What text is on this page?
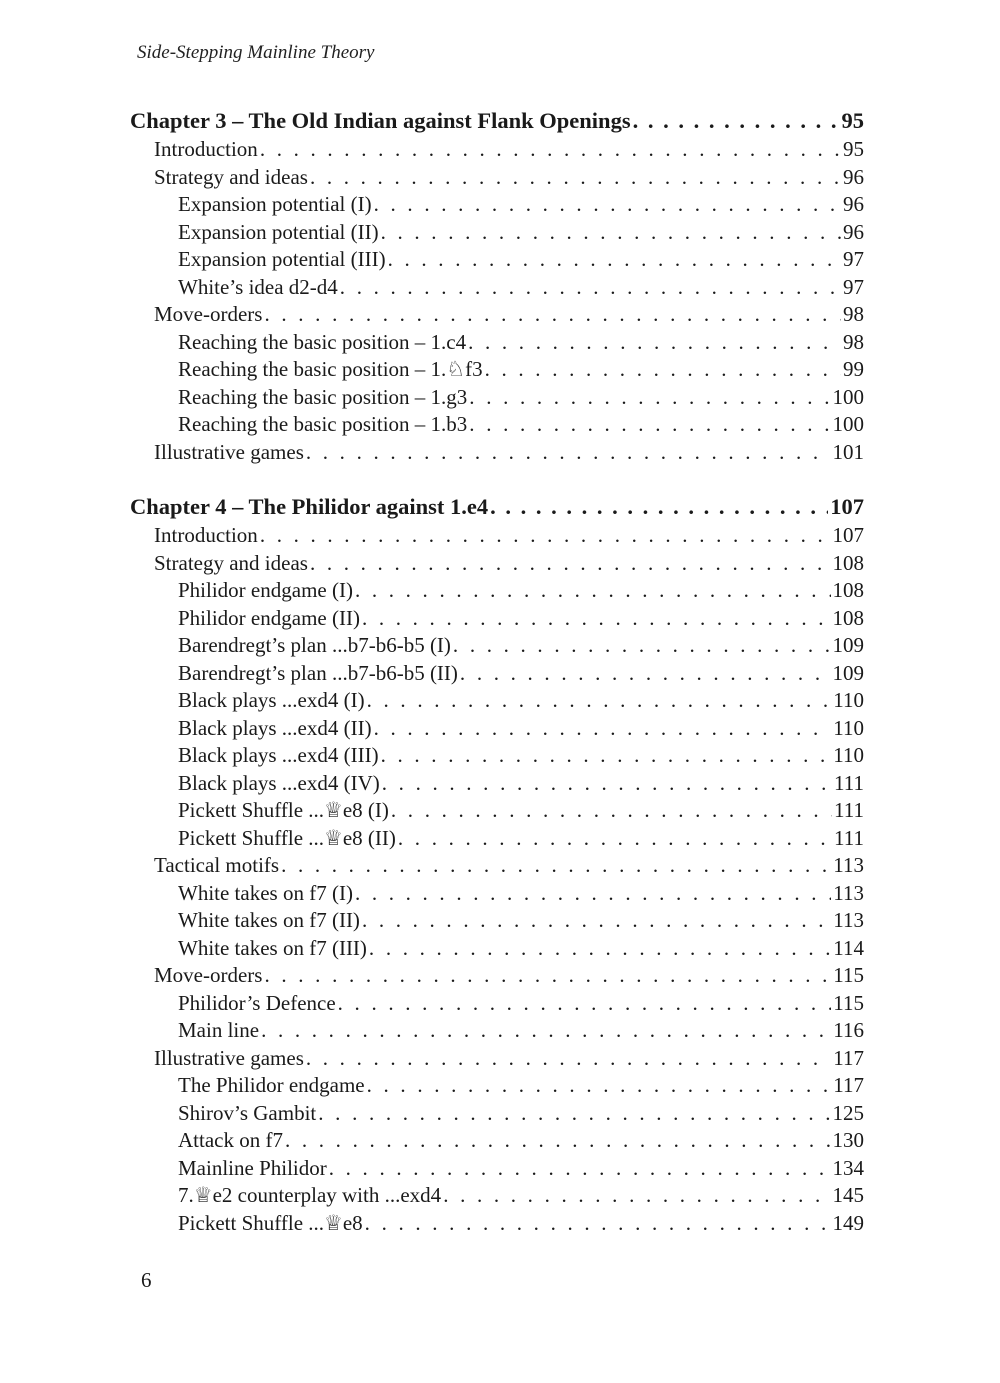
Side-Stepping Mainline Theory
Chapter 3 – The Old Indian against Flank Openings . . .	95
Introduction . . .	95
Strategy and ideas . . .	96
Expansion potential (I) . . .	96
Expansion potential (II) . . .	96
Expansion potential (III) . . .	97
White’s idea d2-d4 . . .	97
Move-orders . . .	98
Reaching the basic position – 1.c4 . . .	98
Reaching the basic position – 1.♘f3 . . .	99
Reaching the basic position – 1.g3 . . .	100
Reaching the basic position – 1.b3 . . .	100
Illustrative games . . .	101
Chapter 4 – The Philidor against 1.e4 . . .	107
Introduction . . .	107
Strategy and ideas . . .	108
Philidor endgame (I) . . .	108
Philidor endgame (II) . . .	108
Barendregt’s plan ...b7-b6-b5 (I) . . .	109
Barendregt’s plan ...b7-b6-b5 (II) . . .	109
Black plays ...exd4 (I) . . .	110
Black plays ...exd4 (II) . . .	110
Black plays ...exd4 (III) . . .	110
Black plays ...exd4 (IV) . . .	111
Pickett Shuffle ...♕e8 (I) . . .	111
Pickett Shuffle ...♕e8 (II) . . .	111
Tactical motifs . . .	113
White takes on f7 (I) . . .	113
White takes on f7 (II) . . .	113
White takes on f7 (III) . . .	114
Move-orders . . .	115
Philidor’s Defence . . .	115
Main line . . .	116
Illustrative games . . .	117
The Philidor endgame . . .	117
Shirov’s Gambit . . .	125
Attack on f7 . . .	130
Mainline Philidor . . .	134
7.♕e2 counterplay with ...exd4 . . .	145
Pickett Shuffle ...♕e8 . . .	149
6
